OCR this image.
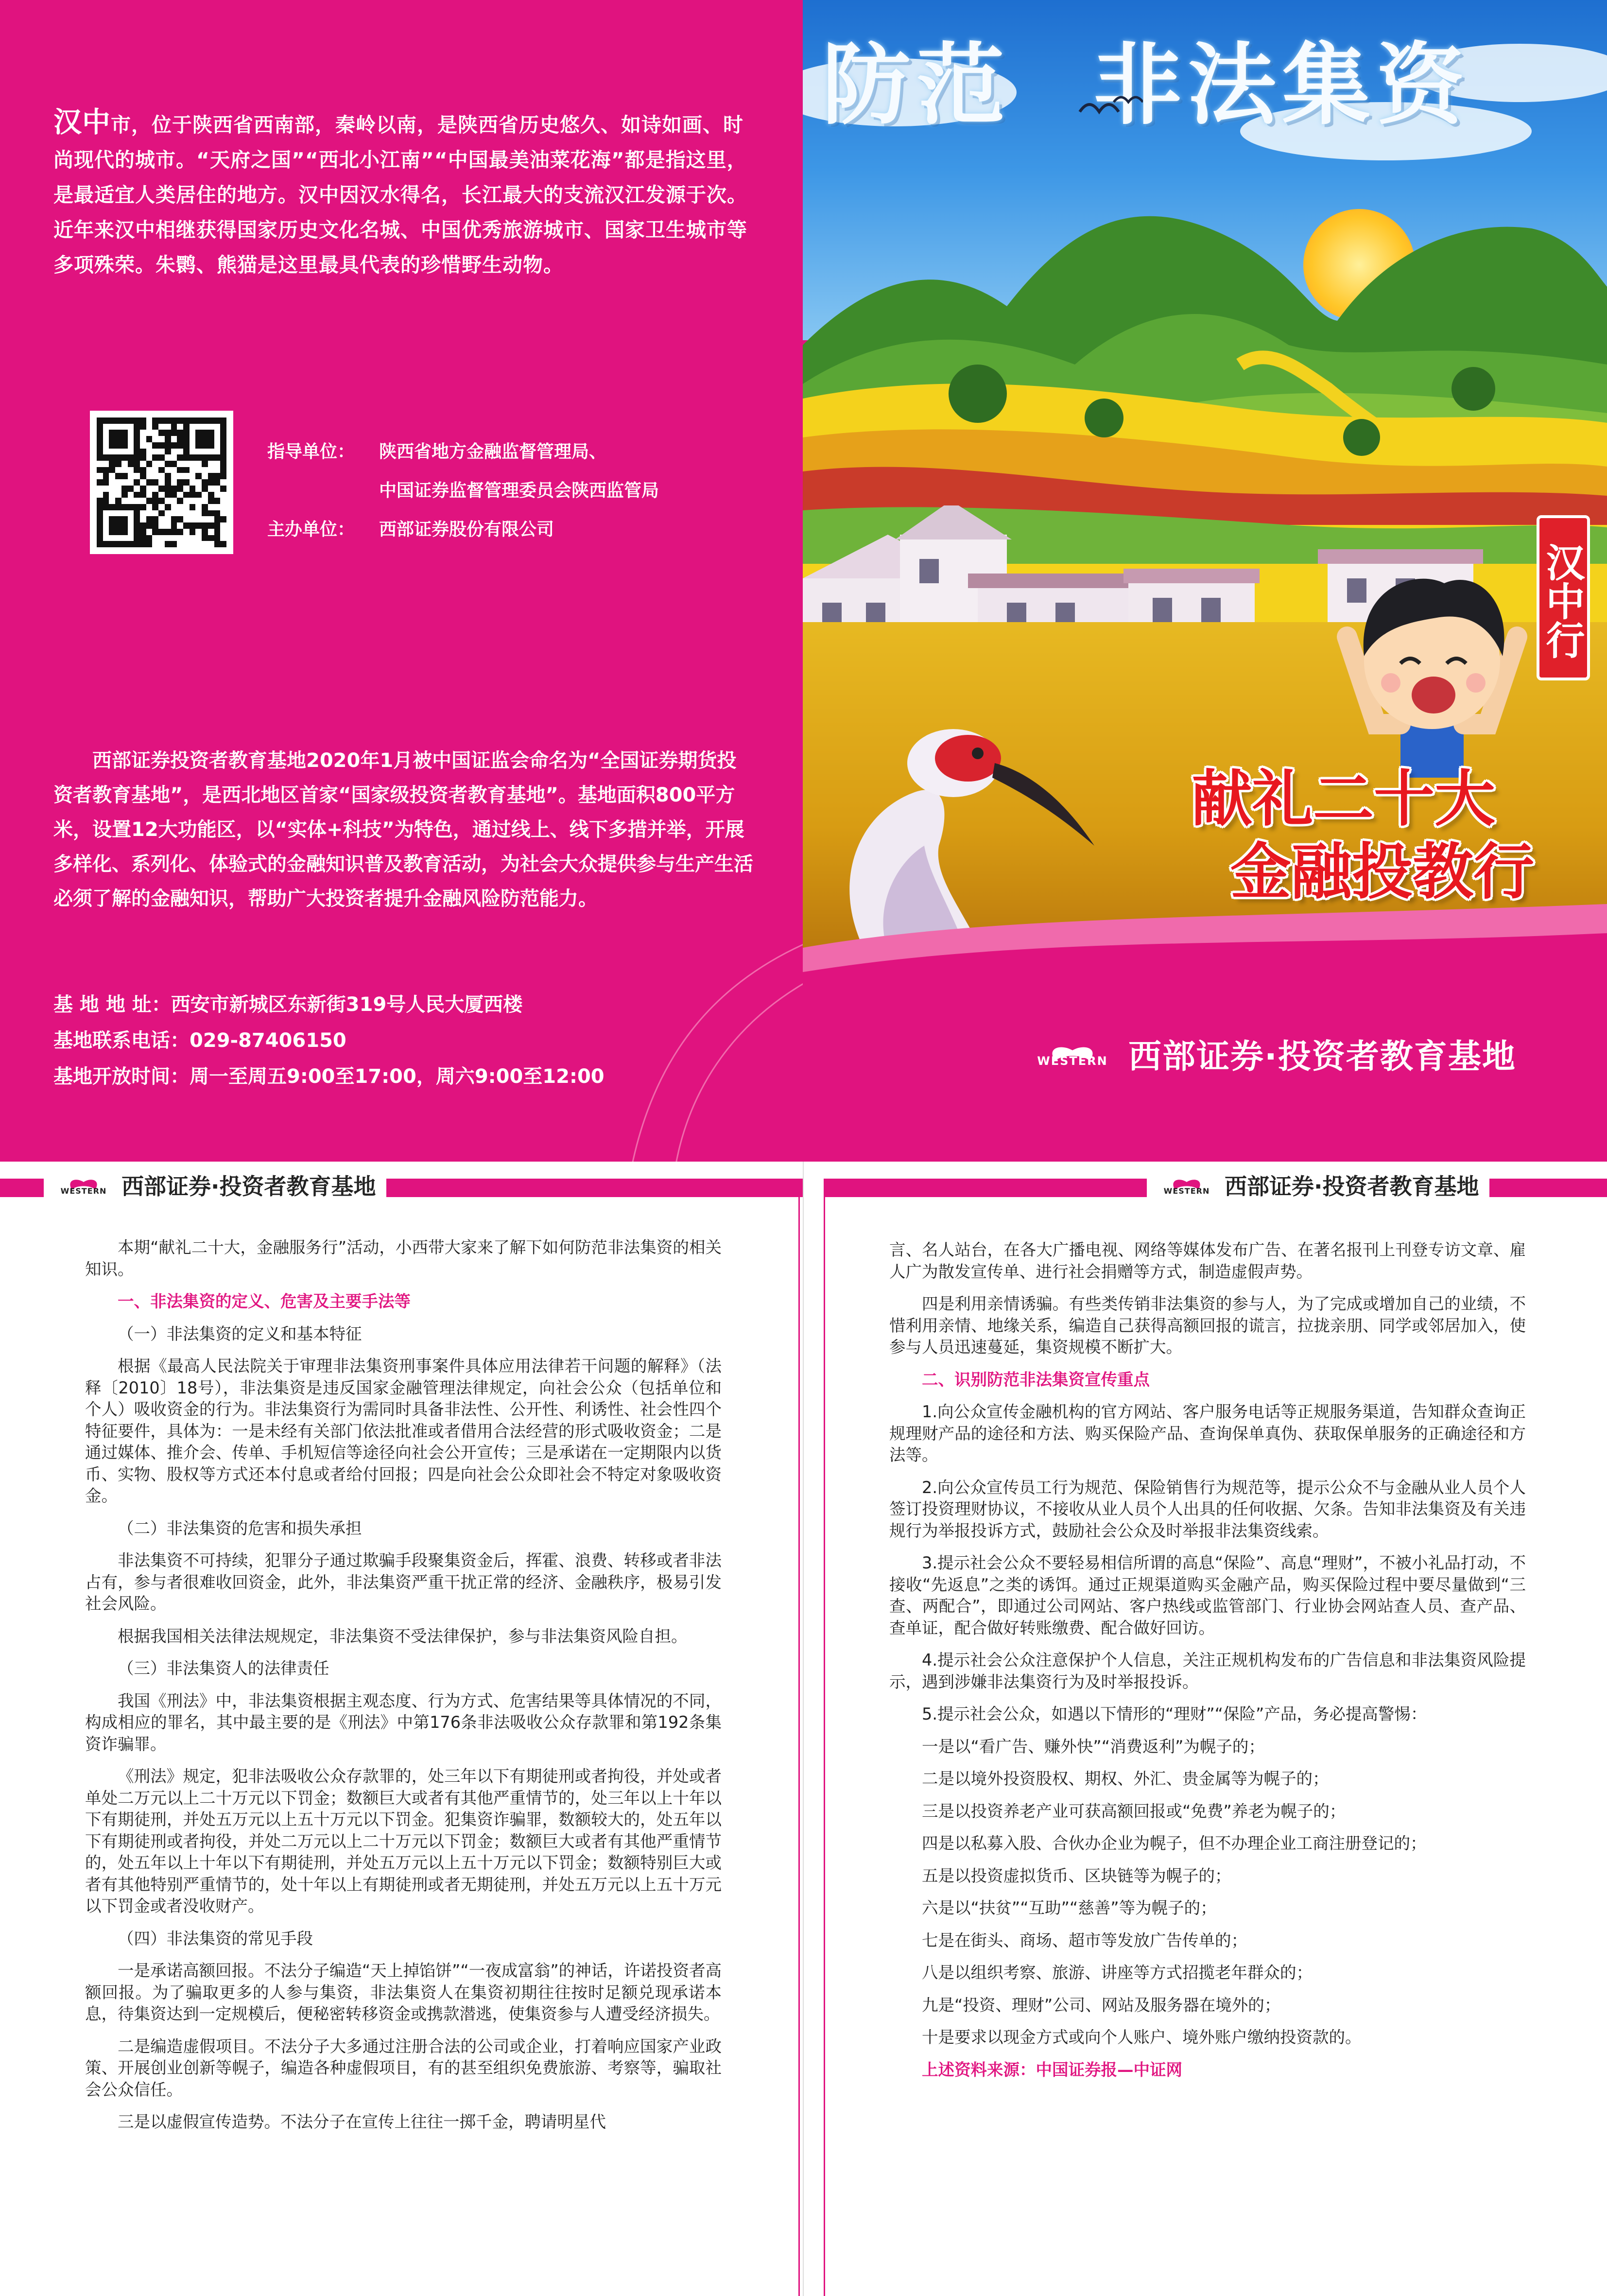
汉中市，位于陕西省西南部，秦岭以南，是陕西省历史悠久、如诗如画、时尚现代的城市。“天府之国”“西北小江南”“中国最美油菜花海”都是指这里，是最适宜人类居住的地方。汉中因汉水得名，长江最大的支流汉江发源于次。近年来汉中相继获得国家历史文化名城、中国优秀旅游城市、国家卫生城市等多项殊荣。朱鹮、熊猫是这里最具代表的珍惜野生动物。
指导单位： 陕西省地方金融监督管理局、
中国证券监督管理委员会陕西监管局
主办单位： 西部证券股份有限公司
西部证券投资者教育基地2020年1月被中国证监会命名为“全国证券期货投资者教育基地”，是西北地区首家“国家级投资者教育基地”。基地面积800平方米，设置12大功能区，以“实体+科技”为特色，通过线上、线下多措并举，开展多样化、系列化、体验式的金融知识普及教育活动，为社会大众提供参与生产生活必须了解的金融知识，帮助广大投资者提升金融风险防范能力。
基 地 地 址：西安市新城区东新街319号人民大厦西楼
基地联系电话：029-87406150
基地开放时间：周一至周五9:00至17:00，周六9:00至12:00
防范 非法集资
汉中行
献礼二十大
金融投教行
WESTERN 西部证券·投资者教育基地
WESTERN 西部证券·投资者教育基地	WESTERN 西部证券·投资者教育基地

本期“献礼二十大，金融服务行”活动，小西带大家来了解下如何防范非法集资的相关知识。

一、非法集资的定义、危害及主要手法等
（一）非法集资的定义和基本特征

根据《最高人民法院关于审理非法集资刑事案件具体应用法律若干问题的解释》（法释〔2010〕18号），非法集资是违反国家金融管理法律规定，向社会公众（包括单位和个人）吸收资金的行为。非法集资行为需同时具备非法性、公开性、利诱性、社会性四个特征要件，具体为：一是未经有关部门依法批准或者借用合法经营的形式吸收资金；二是通过媒体、推介会、传单、手机短信等途径向社会公开宣传；三是承诺在一定期限内以货币、实物、股权等方式还本付息或者给付回报；四是向社会公众即社会不特定对象吸收资金。

（二）非法集资的危害和损失承担

非法集资不可持续，犯罪分子通过欺骗手段聚集资金后，挥霍、浪费、转移或者非法占有，参与者很难收回资金，此外，非法集资严重干扰正常的经济、金融秩序，极易引发社会风险。

根据我国相关法律法规规定，非法集资不受法律保护，参与非法集资风险自担。

（三）非法集资人的法律责任

我国《刑法》中，非法集资根据主观态度、行为方式、危害结果等具体情况的不同，构成相应的罪名，其中最主要的是《刑法》中第176条非法吸收公众存款罪和第192条集资诈骗罪。

《刑法》规定，犯非法吸收公众存款罪的，处三年以下有期徒刑或者拘役，并处或者单处二万元以上二十万元以下罚金；数额巨大或者有其他严重情节的，处三年以上十年以下有期徒刑，并处五万元以上五十万元以下罚金。犯集资诈骗罪，数额较大的，处五年以下有期徒刑或者拘役，并处二万元以上二十万元以下罚金；数额巨大或者有其他严重情节的，处五年以上十年以下有期徒刑，并处五万元以上五十万元以下罚金；数额特别巨大或者有其他特别严重情节的，处十年以上有期徒刑或者无期徒刑，并处五万元以上五十万元以下罚金或者没收财产。

（四）非法集资的常见手段

一是承诺高额回报。不法分子编造“天上掉馅饼”“一夜成富翁”的神话，许诺投资者高额回报。为了骗取更多的人参与集资，非法集资人在集资初期往往按时足额兑现承诺本息，待集资达到一定规模后，便秘密转移资金或携款潜逃，使集资参与人遭受经济损失。

二是编造虚假项目。不法分子大多通过注册合法的公司或企业，打着响应国家产业政策、开展创业创新等幌子，编造各种虚假项目，有的甚至组织免费旅游、考察等，骗取社会公众信任。

三是以虚假宣传造势。不法分子在宣传上往往一掷千金，聘请明星代

言、名人站台，在各大广播电视、网络等媒体发布广告、在著名报刊上刊登专访文章、雇人广为散发宣传单、进行社会捐赠等方式，制造虚假声势。

四是利用亲情诱骗。有些类传销非法集资的参与人，为了完成或增加自己的业绩，不惜利用亲情、地缘关系，编造自己获得高额回报的谎言，拉拢亲朋、同学或邻居加入，使参与人员迅速蔓延，集资规模不断扩大。

二、识别防范非法集资宣传重点

1.向公众宣传金融机构的官方网站、客户服务电话等正规服务渠道，告知群众查询正规理财产品的途径和方法、购买保险产品、查询保单真伪、获取保单服务的正确途径和方法等。

2.向公众宣传员工行为规范、保险销售行为规范等，提示公众不与金融从业人员个人签订投资理财协议，不接收从业人员个人出具的任何收据、欠条。告知非法集资及有关违规行为举报投诉方式，鼓励社会公众及时举报非法集资线索。

3.提示社会公众不要轻易相信所谓的高息“保险”、高息“理财”，不被小礼品打动，不接收“先返息”之类的诱饵。通过正规渠道购买金融产品，购买保险过程中要尽量做到“三查、两配合”，即通过公司网站、客户热线或监管部门、行业协会网站查人员、查产品、查单证，配合做好转账缴费、配合做好回访。

4.提示社会公众注意保护个人信息，关注正规机构发布的广告信息和非法集资风险提示，遇到涉嫌非法集资行为及时举报投诉。

5.提示社会公众，如遇以下情形的“理财”“保险”产品，务必提高警惕：

一是以“看广告、赚外快”“消费返利”为幌子的；

二是以境外投资股权、期权、外汇、贵金属等为幌子的；

三是以投资养老产业可获高额回报或“免费”养老为幌子的；

四是以私募入股、合伙办企业为幌子，但不办理企业工商注册登记的；

五是以投资虚拟货币、区块链等为幌子的；

六是以“扶贫”“互助”“慈善”等为幌子的；

七是在街头、商场、超市等发放广告传单的；

八是以组织考察、旅游、讲座等方式招揽老年群众的；

九是“投资、理财”公司、网站及服务器在境外的；

十是要求以现金方式或向个人账户、境外账户缴纳投资款的。

上述资料来源：中国证券报—中证网
